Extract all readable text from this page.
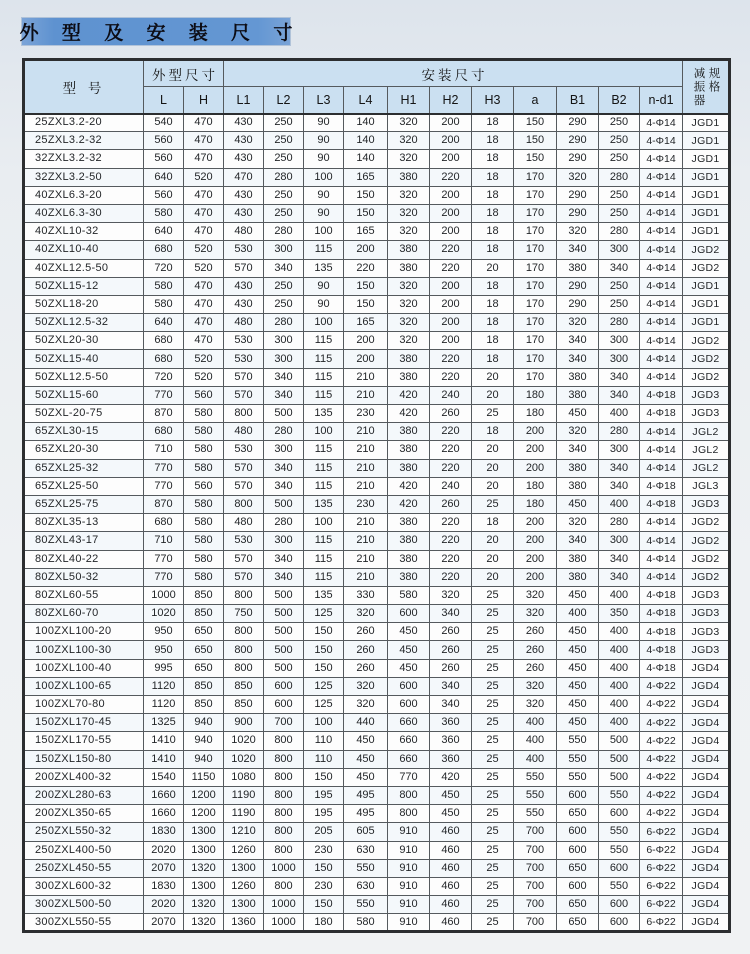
外 型 及 安 装 尺 寸
型 号	外型尺寸		安装尺寸											减振器 规格

	L	H	L1	L2	L3	L4	H1	H2	H3	a	B1	B2	n-d1	
25ZXL3.2-20	540	470	430	250	90	140	320	200	18	150	290	250	4-Φ14	JGD1
25ZXL3.2-32	560	470	430	250	90	140	320	200	18	150	290	250	4-Φ14	JGD1
32ZXL3.2-32	560	470	430	250	90	140	320	200	18	150	290	250	4-Φ14	JGD1
32ZXL3.2-50	640	520	470	280	100	165	380	220	18	170	320	280	4-Φ14	JGD1
40ZXL6.3-20	560	470	430	250	90	150	320	200	18	170	290	250	4-Φ14	JGD1
40ZXL6.3-30	580	470	430	250	90	150	320	200	18	170	290	250	4-Φ14	JGD1
40ZXL10-32	640	470	480	280	100	165	320	200	18	170	320	280	4-Φ14	JGD1
40ZXL10-40	680	520	530	300	115	200	380	220	18	170	340	300	4-Φ14	JGD2
40ZXL12.5-50	720	520	570	340	135	220	380	220	20	170	380	340	4-Φ14	JGD2
50ZXL15-12	580	470	430	250	90	150	320	200	18	170	290	250	4-Φ14	JGD1
50ZXL18-20	580	470	430	250	90	150	320	200	18	170	290	250	4-Φ14	JGD1
50ZXL12.5-32	640	470	480	280	100	165	320	200	18	170	320	280	4-Φ14	JGD1
50ZXL20-30	680	470	530	300	115	200	320	200	18	170	340	300	4-Φ14	JGD2
50ZXL15-40	680	520	530	300	115	200	380	220	18	170	340	300	4-Φ14	JGD2
50ZXL12.5-50	720	520	570	340	115	210	380	220	20	170	380	340	4-Φ14	JGD2
50ZXL15-60	770	560	570	340	115	210	420	240	20	180	380	340	4-Φ18	JGD3
50ZXL-20-75	870	580	800	500	135	230	420	260	25	180	450	400	4-Φ18	JGD3
65ZXL30-15	680	580	480	280	100	210	380	220	18	200	320	280	4-Φ14	JGL2
65ZXL20-30	710	580	530	300	115	210	380	220	20	200	340	300	4-Φ14	JGL2
65ZXL25-32	770	580	570	340	115	210	380	220	20	200	380	340	4-Φ14	JGL2
65ZXL25-50	770	560	570	340	115	210	420	240	20	180	380	340	4-Φ18	JGL3
65ZXL25-75	870	580	800	500	135	230	420	260	25	180	450	400	4-Φ18	JGD3
80ZXL35-13	680	580	480	280	100	210	380	220	18	200	320	280	4-Φ14	JGD2
80ZXL43-17	710	580	530	300	115	210	380	220	20	200	340	300	4-Φ14	JGD2
80ZXL40-22	770	580	570	340	115	210	380	220	20	200	380	340	4-Φ14	JGD2
80ZXL50-32	770	580	570	340	115	210	380	220	20	200	380	340	4-Φ14	JGD2
80ZXL60-55	1000	850	800	500	135	330	580	320	25	320	450	400	4-Φ18	JGD3
80ZXL60-70	1020	850	750	500	125	320	600	340	25	320	400	350	4-Φ18	JGD3
100ZXL100-20	950	650	800	500	150	260	450	260	25	260	450	400	4-Φ18	JGD3
100ZXL100-30	950	650	800	500	150	260	450	260	25	260	450	400	4-Φ18	JGD3
100ZXL100-40	995	650	800	500	150	260	450	260	25	260	450	400	4-Φ18	JGD4
100ZXL100-65	1120	850	850	600	125	320	600	340	25	320	450	400	4-Φ22	JGD4
100ZXL70-80	1120	850	850	600	125	320	600	340	25	320	450	400	4-Φ22	JGD4
150ZXL170-45	1325	940	900	700	100	440	660	360	25	400	450	400	4-Φ22	JGD4
150ZXL170-55	1410	940	1020	800	110	450	660	360	25	400	550	500	4-Φ22	JGD4
150ZXL150-80	1410	940	1020	800	110	450	660	360	25	400	550	500	4-Φ22	JGD4
200ZXL400-32	1540	1150	1080	800	150	450	770	420	25	550	550	500	4-Φ22	JGD4
200ZXL280-63	1660	1200	1190	800	195	495	800	450	25	550	600	550	4-Φ22	JGD4
200ZXL350-65	1660	1200	1190	800	195	495	800	450	25	550	650	600	4-Φ22	JGD4
250ZXL550-32	1830	1300	1210	800	205	605	910	460	25	700	600	550	6-Φ22	JGD4
250ZXL400-50	2020	1300	1260	800	230	630	910	460	25	700	600	550	6-Φ22	JGD4
250ZXL450-55	2070	1320	1300	1000	150	550	910	460	25	700	650	600	6-Φ22	JGD4
300ZXL600-32	1830	1300	1260	800	230	630	910	460	25	700	600	550	6-Φ22	JGD4
300ZXL500-50	2020	1320	1300	1000	150	550	910	460	25	700	650	600	6-Φ22	JGD4
300ZXL550-55	2070	1320	1360	1000	180	580	910	460	25	700	650	600	6-Φ22	JGD4
